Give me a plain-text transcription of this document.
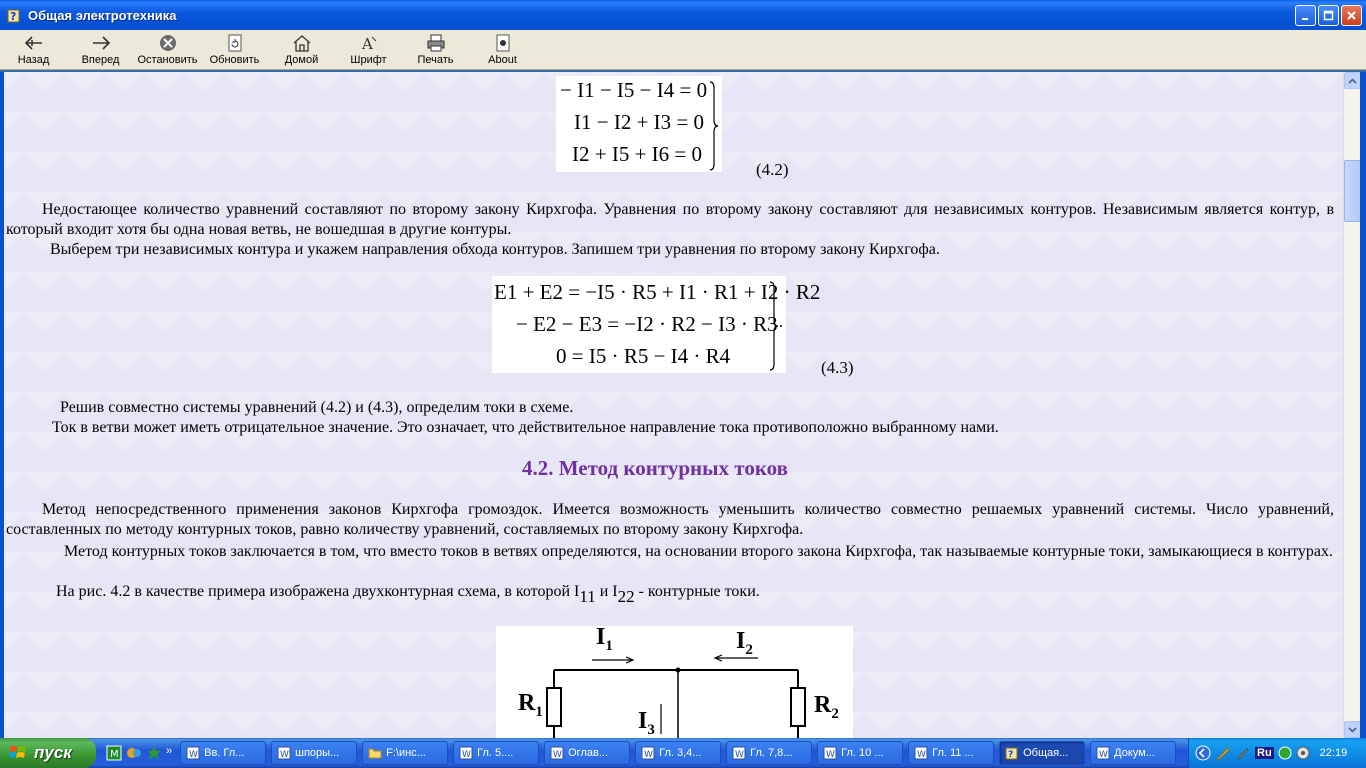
? Общая электротехника
Назад	Вперед Остановить Обновить Домой
A
Шрифт	Печать	About
− I1 − I5 − I4 = 0
I1 − I2 + I3 = 0
I2 + I5 + I6 = 0
(4.2)
Недостающее количество уравнений составляют по второму закону Кирхгофа. Уравнения по второму закону составляют для независимых контуров. Независимым является контур, в который входит хотя бы одна новая ветвь, не вошедшая в другие контуры.
Выберем три независимых контура и укажем направления обхода контуров. Запишем три уравнения по второму закону Кирхгофа.
E1 + E2 = −I5 · R5 + I1 · R1 + I2 · R2
− E2 − E3 = −I2 · R2 − I3 · R3
0 = I5 · R5 − I4 · R4	(4.3)
Решив совместно системы уравнений (4.2) и (4.3), определим токи в схеме.
Ток в ветви может иметь отрицательное значение. Это означает, что действительное направление тока противоположно выбранному нами.
4.2. Метод контурных токов
Метод непосредственного применения законов Кирхгофа громоздок. Имеется возможность уменьшить количество совместно решаемых уравнений системы. Число уравнений, составленных по методу контурных токов, равно количеству уравнений, составляемых по второму закону Кирхгофа.
Метод контурных токов заключается в том, что вместо токов в ветвях определяются, на основании второго закона Кирхгофа, так называемые контурные токи, замыкающиеся в контурах.
На рис. 4.2 в качестве примера изображена двухконтурная схема, в которой $I_{11}$ и $I_{22}$ - контурные токи.
$I_1$	$I_2$
$I_3$
$R_1$	$R_2$
пуск	M	» W Вв. Гл...	W шпоры...	F:\инс...	W Гл. 5....	W Оглав...	W Гл. 3,4...	W Гл. 7,8...	W Гл. 10 ...	W Гл. 11 ...	? Общая...	W Докум...	Ru	22:19
